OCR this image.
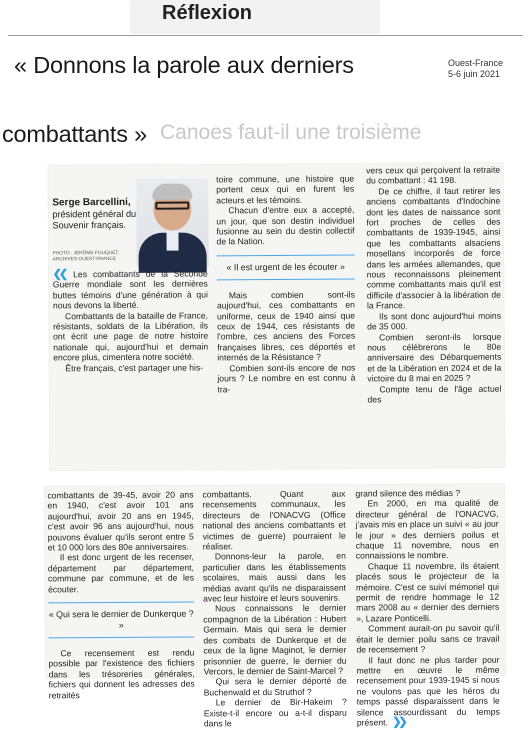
Réflexion
« Donnons la parole aux derniers
Canoes faut-il une troisième
combattants »
Ouest-France
5-6 juin 2021
Serge Barcellini,
président général du Souvenir français.
PHOTO : JÉRÔME FOUQUET, ARCHIVES OUEST-FRANCE

❮❮ Les combattants de la Seconde Guerre mondiale sont les dernières buttes témoins d'une génération à qui nous devons la liberté.

Combattants de la bataille de France, résistants, soldats de la Libération, ils ont écrit une page de notre histoire nationale qui, aujourd'hui et demain encore plus, cimentera notre société.

Être français, c'est partager une his-

toire commune, une histoire que portent ceux qui en furent les acteurs et les témoins.

Chacun d'entre eux a accepté, un jour, que son destin individuel fusionne au sein du destin collectif de la Nation.

« Il est urgent de les écouter »

Mais combien sont-ils aujourd'hui, ces combattants en uniforme, ceux de 1940 ainsi que ceux de 1944, ces résistants de l'ombre, ces anciens des Forces françaises libres, ces déportés et internés de la Résistance ?

Combien sont-ils encore de nos jours ? Le nombre en est connu à tra-

vers ceux qui perçoivent la retraite du combattant : 41 198.

De ce chiffre, il faut retirer les anciens combattants d'Indochine dont les dates de naissance sont fort proches de celles des combattants de 1939-1945, ainsi que les combattants alsaciens mosellans incorporés de force dans les armées allemandes, que nous reconnaissons pleinement comme combattants mais qu'il est difficile d'associer à la libération de la France.

Ils sont donc aujourd'hui moins de 35 000.

Combien seront-ils lorsque nous célébrerons le 80e anniversaire des Débarquements et de la Libération en 2024 et de la victoire du 8 mai en 2025 ?

Compte tenu de l'âge actuel des

combattants de 39-45, avoir 20 ans en 1940, c'est avoir 101 ans aujourd'hui, avoir 20 ans en 1945, c'est avoir 96 ans aujourd'hui, nous pouvons évaluer qu'ils seront entre 5 et 10 000 lors des 80e anniversaires.

Il est donc urgent de les recenser, département par département, commune par commune, et de les écouter.

« Qui sera le dernier de Dunkerque ? »

Ce recensement est rendu possible par l'existence des fichiers dans les trésoreries générales, fichiers qui donnent les adresses des retraités

combattants. Quant aux recensements communaux, les directeurs de l'ONACVG (Office national des anciens combattants et victimes de guerre) pourraient le réaliser.

Donnons-leur la parole, en particulier dans les établissements scolaires, mais aussi dans les médias avant qu'ils ne disparaissent avec leur histoire et leurs souvenirs.

Nous connaissons le dernier compagnon de la Libération : Hubert Germain. Mais qui sera le dernier des combats de Dunkerque et de ceux de la ligne Maginot, le dernier prisonnier de guerre, le dernier du Vercors, le dernier de Saint-Marcel ?

Qui sera le dernier déporté de Buchenwald et du Struthof ?

Le dernier de Bir-Hakeim ? Existe-t-il encore ou a-t-il disparu dans le

grand silence des médias ?

En 2000, en ma qualité de directeur général de l'ONACVG, j'avais mis en place un suivi « au jour le jour » des derniers poilus et chaque 11 novembre, nous en connaissions le nombre.

Chaque 11 novembre, ils étaient placés sous le projecteur de la mémoire. C'est ce suivi mémoriel qui permit de rendre hommage le 12 mars 2008 au « dernier des derniers », Lazare Ponticelli.

Comment aurait-on pu savoir qu'il était le dernier poilu sans ce travail de recensement ?

Il faut donc ne plus tarder pour mettre en œuvre le même recensement pour 1939-1945 si nous ne voulons pas que les héros du temps passé disparaissent dans le silence assourdissant du temps présent. ❯❯
